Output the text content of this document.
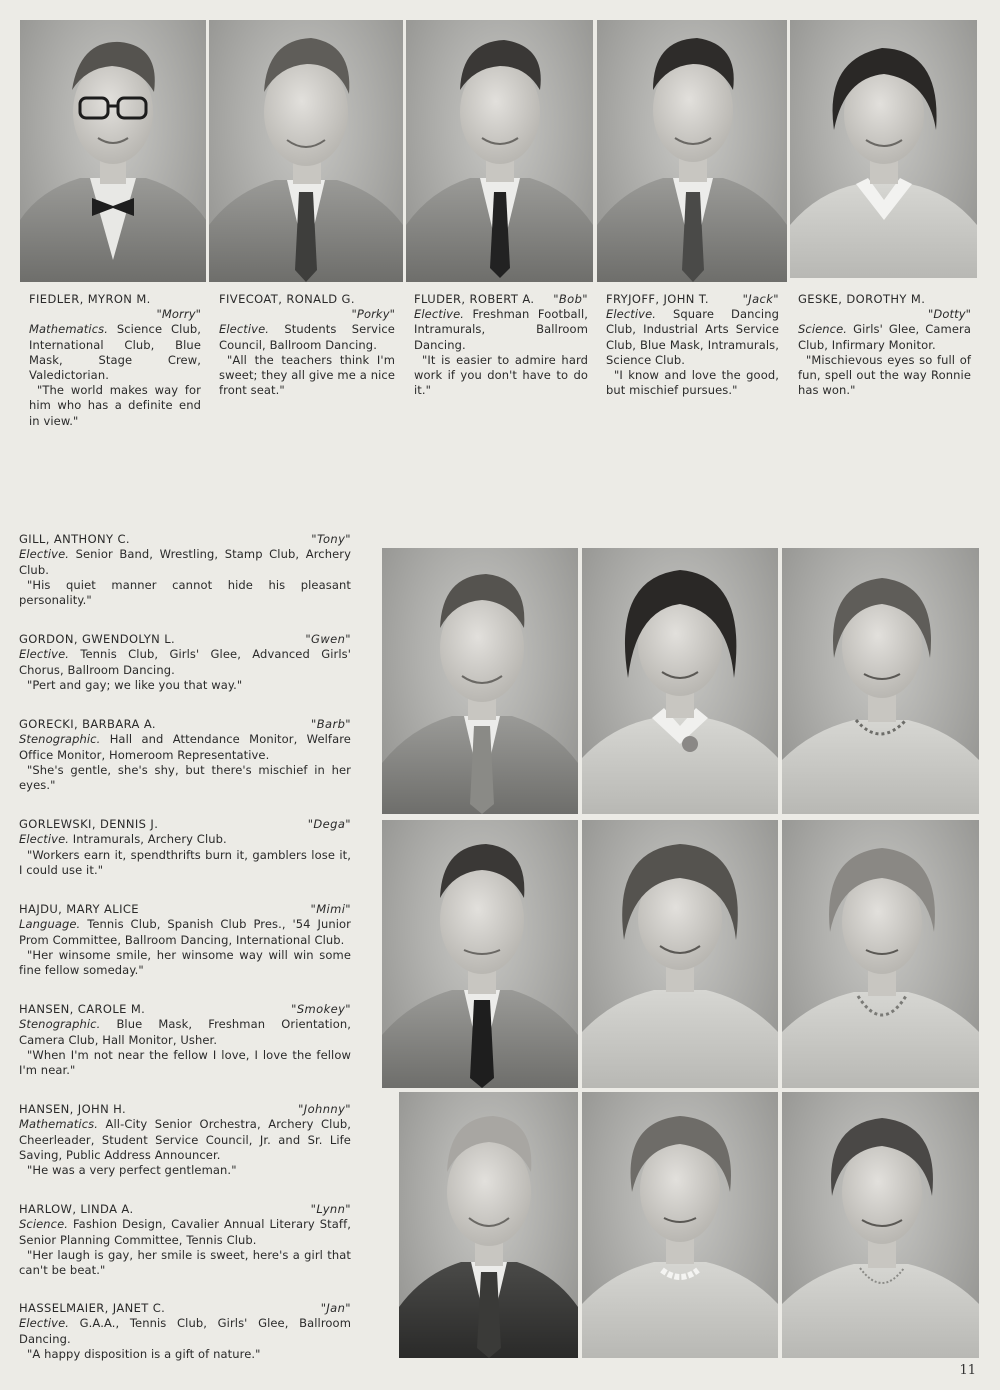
FIEDLER, MYRON M.
"Morry"
Mathematics. Science Club, International Club, Blue Mask, Stage Crew, Valedictorian.
"The world makes way for him who has a definite end in view."
FIVECOAT, RONALD G.
"Porky"
Elective. Students Service Council, Ballroom Dancing.
"All the teachers think I'm sweet; they all give me a nice front seat."
FLUDER, ROBERT A. "Bob"
Elective. Freshman Football, Intramurals, Ballroom Dancing.
"It is easier to admire hard work if you don't have to do it."
FRYJOFF, JOHN T.	"Jack"
Elective. Square Dancing Club, Industrial Arts Service Club, Blue Mask, Intramurals, Science Club.
"I know and love the good, but mischief pursues."
GESKE, DOROTHY M.
"Dotty"
Science. Girls' Glee, Camera Club, Infirmary Monitor.
"Mischievous eyes so full of fun, spell out the way Ronnie has won."
GILL, ANTHONY C.	"Tony"
Elective. Senior Band, Wrestling, Stamp Club, Archery Club.
"His quiet manner cannot hide his pleasant personality."
GORDON, GWENDOLYN L.	"Gwen"
Elective. Tennis Club, Girls' Glee, Advanced Girls' Chorus, Ballroom Dancing.
"Pert and gay; we like you that way."
GORECKI, BARBARA A.	"Barb"
Stenographic. Hall and Attendance Monitor, Welfare Office Monitor, Homeroom Representative.
"She's gentle, she's shy, but there's mischief in her eyes."
GORLEWSKI, DENNIS J.	"Dega"
Elective. Intramurals, Archery Club.
"Workers earn it, spendthrifts burn it, gamblers lose it, I could use it."
HAJDU, MARY ALICE	"Mimi"
Language. Tennis Club, Spanish Club Pres., '54 Junior Prom Committee, Ballroom Dancing, International Club.
"Her winsome smile, her winsome way will win some fine fellow someday."
HANSEN, CAROLE M.	"Smokey"
Stenographic. Blue Mask, Freshman Orientation, Camera Club, Hall Monitor, Usher.
"When I'm not near the fellow I love, I love the fellow I'm near."
HANSEN, JOHN H.	"Johnny"
Mathematics. All-City Senior Orchestra, Archery Club, Cheerleader, Student Service Council, Jr. and Sr. Life Saving, Public Address Announcer.
"He was a very perfect gentleman."
HARLOW, LINDA A.	"Lynn"
Science. Fashion Design, Cavalier Annual Literary Staff, Senior Planning Committee, Tennis Club.
"Her laugh is gay, her smile is sweet, here's a girl that can't be beat."
HASSELMAIER, JANET C.	"Jan"
Elective. G.A.A., Tennis Club, Girls' Glee, Ballroom Dancing.
"A happy disposition is a gift of nature."
11
